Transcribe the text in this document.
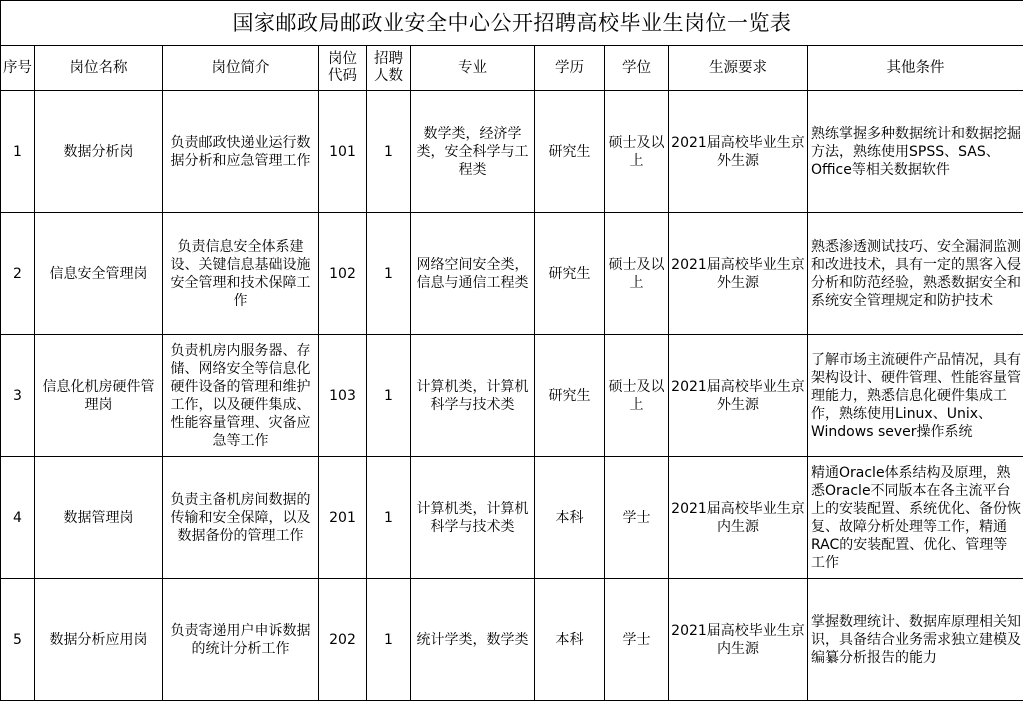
国家邮政局邮政业安全中心公开招聘高校毕业生岗位一览表									
序号	岗位名称	岗位简介	岗位代码	招聘人数	专业	学历	学位	生源要求	其他条件
1	数据分析岗	负责邮政快递业运行数据分析和应急管理工作	101	1	数学类，经济学类，安全科学与工程类	研究生	硕士及以上	2021届高校毕业生京外生源	熟练掌握多种数据统计和数据挖掘方法，熟练使用SPSS、SAS、Office等相关数据软件
2	信息安全管理岗	负责信息安全体系建设、关键信息基础设施安全管理和技术保障工作	102	1	网络空间安全类，信息与通信工程类	研究生	硕士及以上	2021届高校毕业生京外生源	熟悉渗透测试技巧、安全漏洞监测和改进技术，具有一定的黑客入侵分析和防范经验，熟悉数据安全和系统安全管理规定和防护技术
3	信息化机房硬件管理岗	负责机房内服务器、存储、网络安全等信息化硬件设备的管理和维护工作，以及硬件集成、性能容量管理、灾备应急等工作	103	1	计算机类，计算机科学与技术类	研究生	硕士及以上	2021届高校毕业生京外生源	了解市场主流硬件产品情况，具有架构设计、硬件管理、性能容量管理能力，熟悉信息化硬件集成工作，熟练使用Linux、Unix、Windows sever操作系统
4	数据管理岗	负责主备机房间数据的传输和安全保障，以及数据备份的管理工作	201	1	计算机类，计算机科学与技术类	本科	学士	2021届高校毕业生京内生源	精通Oracle体系结构及原理，熟悉Oracle不同版本在各主流平台上的安装配置、系统优化、备份恢复、故障分析处理等工作，精通RAC的安装配置、优化、管理等工作
5	数据分析应用岗	负责寄递用户申诉数据的统计分析工作	202	1	统计学类，数学类	本科	学士	2021届高校毕业生京内生源	掌握数理统计、数据库原理相关知识，具备结合业务需求独立建模及编纂分析报告的能力
